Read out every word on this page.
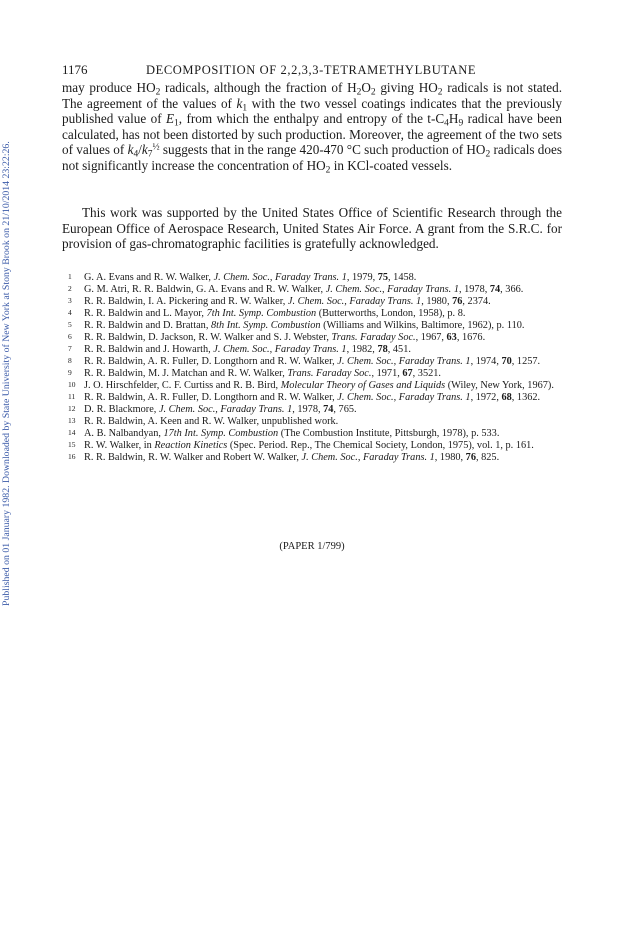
Published on 01 January 1982. Downloaded by State University of New York at Stony Brook on 21/10/2014 23:22:26.
1176	DECOMPOSITION OF 2,2,3,3-TETRAMETHYLBUTANE

may produce $HO_2$ radicals, although the fraction of $H_2O_2$ giving $HO_2$ radicals is not stated. The agreement of the values of $k_1$ with the two vessel coatings indicates that the previously published value of $E_1$, from which the enthalpy and entropy of the $t-C_4H_9$ radical have been calculated, has not been distorted by such production. Moreover, the agreement of the two sets of values of $k_4/k_7^{\frac{1}{2}}$ suggests that in the range 420-470 °C such production of $HO_2$ radicals does not significantly increase the concentration of $HO_2$ in KCl-coated vessels.

This work was supported by the United States Office of Scientific Research through the European Office of Aerospace Research, United States Air Force. A grant from the S.R.C. for provision of gas-chromatographic facilities is gratefully acknowledged.

1 G. A. Evans and R. W. Walker, J. Chem. Soc., Faraday Trans. 1, 1979, 75, 1458.
2 G. M. Atri, R. R. Baldwin, G. A. Evans and R. W. Walker, J. Chem. Soc., Faraday Trans. 1, 1978, 74, 366.
3 R. R. Baldwin, I. A. Pickering and R. W. Walker, J. Chem. Soc., Faraday Trans. 1, 1980, 76, 2374.
4 R. R. Baldwin and L. Mayor, 7th Int. Symp. Combustion (Butterworths, London, 1958), p. 8.
5 R. R. Baldwin and D. Brattan, 8th Int. Symp. Combustion (Williams and Wilkins, Baltimore, 1962), p. 110.
6 R. R. Baldwin, D. Jackson, R. W. Walker and S. J. Webster, Trans. Faraday Soc., 1967, 63, 1676.
7 R. R. Baldwin and J. Howarth, J. Chem. Soc., Faraday Trans. 1, 1982, 78, 451.
8 R. R. Baldwin, A. R. Fuller, D. Longthorn and R. W. Walker, J. Chem. Soc., Faraday Trans. 1, 1974, 70, 1257.
9 R. R. Baldwin, M. J. Matchan and R. W. Walker, Trans. Faraday Soc., 1971, 67, 3521.
10 J. O. Hirschfelder, C. F. Curtiss and R. B. Bird, Molecular Theory of Gases and Liquids (Wiley, New York, 1967).
11 R. R. Baldwin, A. R. Fuller, D. Longthorn and R. W. Walker, J. Chem. Soc., Faraday Trans. 1, 1972, 68, 1362.
12 D. R. Blackmore, J. Chem. Soc., Faraday Trans. 1, 1978, 74, 765.
13 R. R. Baldwin, A. Keen and R. W. Walker, unpublished work.
14 A. B. Nalbandyan, 17th Int. Symp. Combustion (The Combustion Institute, Pittsburgh, 1978), p. 533.
15 R. W. Walker, in Reaction Kinetics (Spec. Period. Rep., The Chemical Society, London, 1975), vol. 1, p. 161.
16 R. R. Baldwin, R. W. Walker and Robert W. Walker, J. Chem. Soc., Faraday Trans. 1, 1980, 76, 825.
(PAPER 1/799)
